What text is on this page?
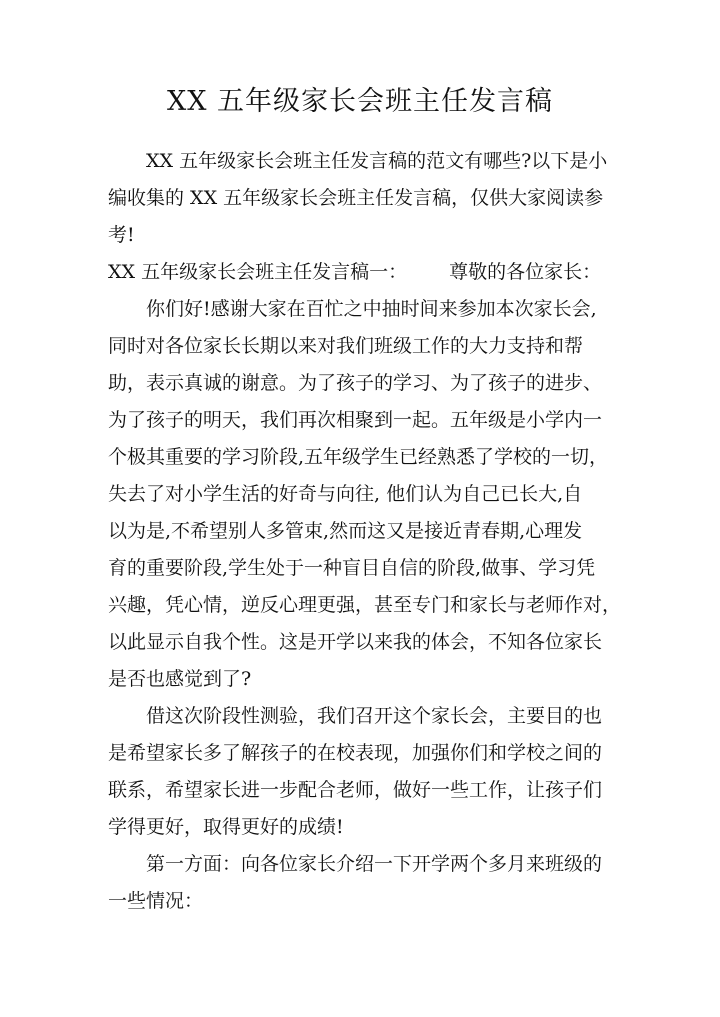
XX 五年级家长会班主任发言稿

XX 五年级家长会班主任发言稿的范文有哪些?以下是小

编收集的 XX 五年级家长会班主任发言稿，仅供大家阅读参

考!

XX 五年级家长会班主任发言稿一： 尊敬的各位家长：

你们好!感谢大家在百忙之中抽时间来参加本次家长会,

同时对各位家长长期以来对我们班级工作的大力支持和帮

助，表示真诚的谢意。为了孩子的学习、为了孩子的进步、

为了孩子的明天，我们再次相聚到一起。五年级是小学内一

个极其重要的学习阶段,五年级学生已经熟悉了学校的一切，

失去了对小学生活的好奇与向往, 他们认为自己已长大,自

以为是,不希望别人多管束,然而这又是接近青春期,心理发

育的重要阶段,学生处于一种盲目自信的阶段,做事、学习凭

兴趣，凭心情，逆反心理更强，甚至专门和家长与老师作对，

以此显示自我个性。这是开学以来我的体会，不知各位家长

是否也感觉到了?

借这次阶段性测验，我们召开这个家长会，主要目的也

是希望家长多了解孩子的在校表现，加强你们和学校之间的

联系，希望家长进一步配合老师，做好一些工作，让孩子们

学得更好，取得更好的成绩!

第一方面：向各位家长介绍一下开学两个多月来班级的

一些情况：
